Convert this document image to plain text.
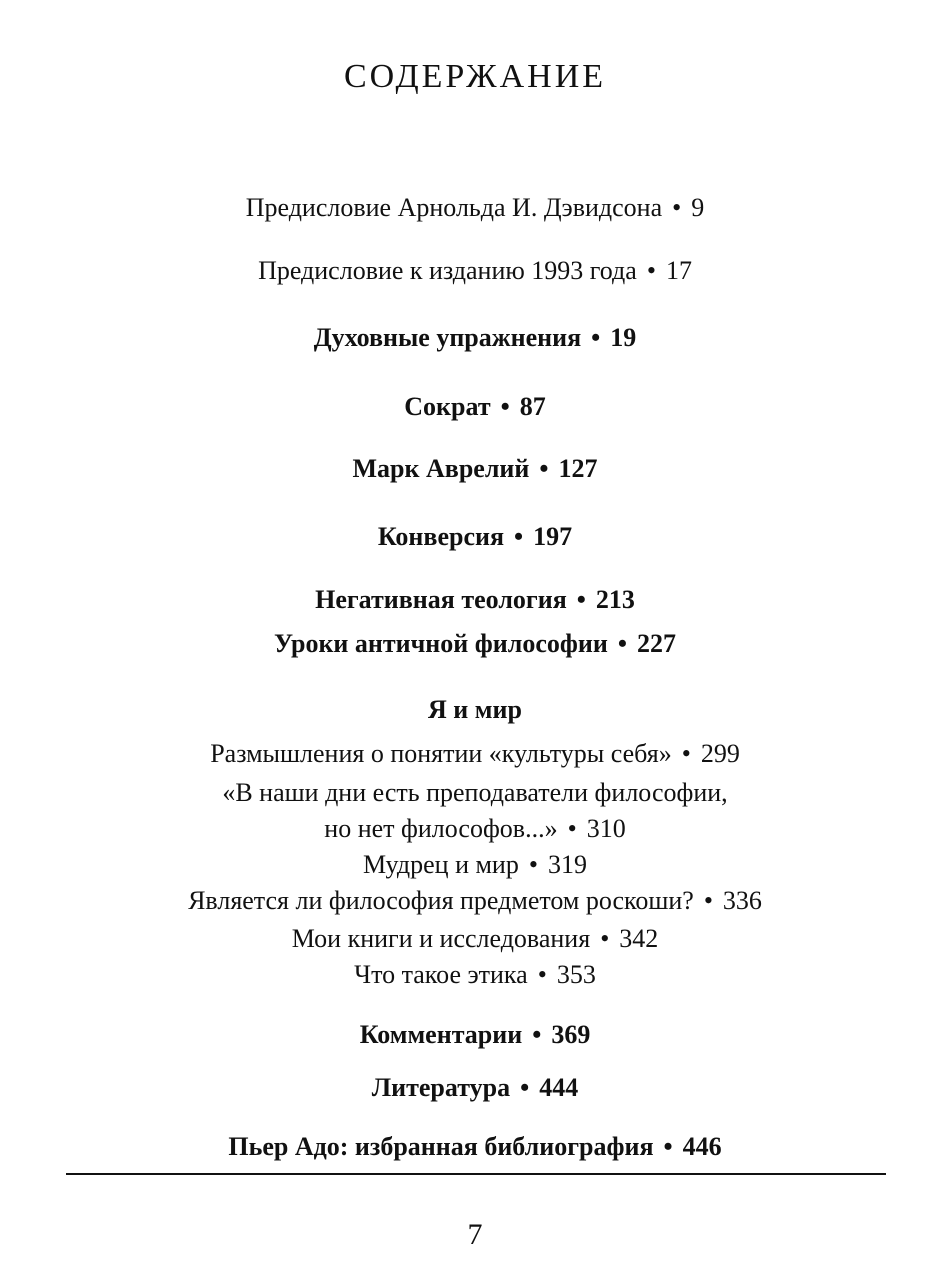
СОДЕРЖАНИЕ
Предисловие Арнольда И. Дэвидсона • 9
Предисловие к изданию 1993 года • 17
Духовные упражнения • 19
Сократ • 87
Марк Аврелий • 127
Конверсия • 197
Негативная теология • 213
Уроки античной философии • 227
Я и мир
Размышления о понятии «культуры себя» • 299
«В наши дни есть преподаватели философии,
но нет философов...» • 310
Мудрец и мир • 319
Является ли философия предметом роскоши? • 336
Мои книги и исследования • 342
Что такое этика • 353
Комментарии • 369
Литература • 444
Пьер Адо: избранная библиография • 446
7
